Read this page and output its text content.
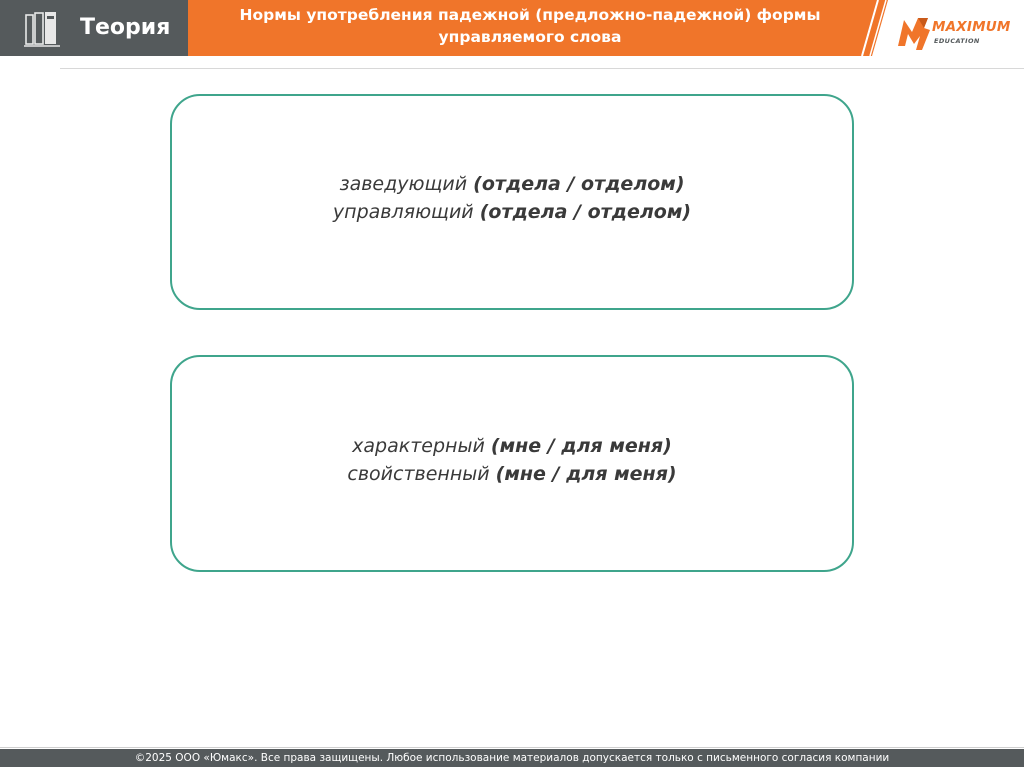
Теория	Нормы употребления падежной (предложно-падежной) формы
управляемого слова
MAXIMUM
EDUCATION
заведующий (отдела / отделом)
управляющий (отдела / отделом)
характерный (мне / для меня)
свойственный (мне / для меня)
©2025 ООО «Юмакс». Все права защищены. Любое использование материалов допускается только с письменного согласия компании
